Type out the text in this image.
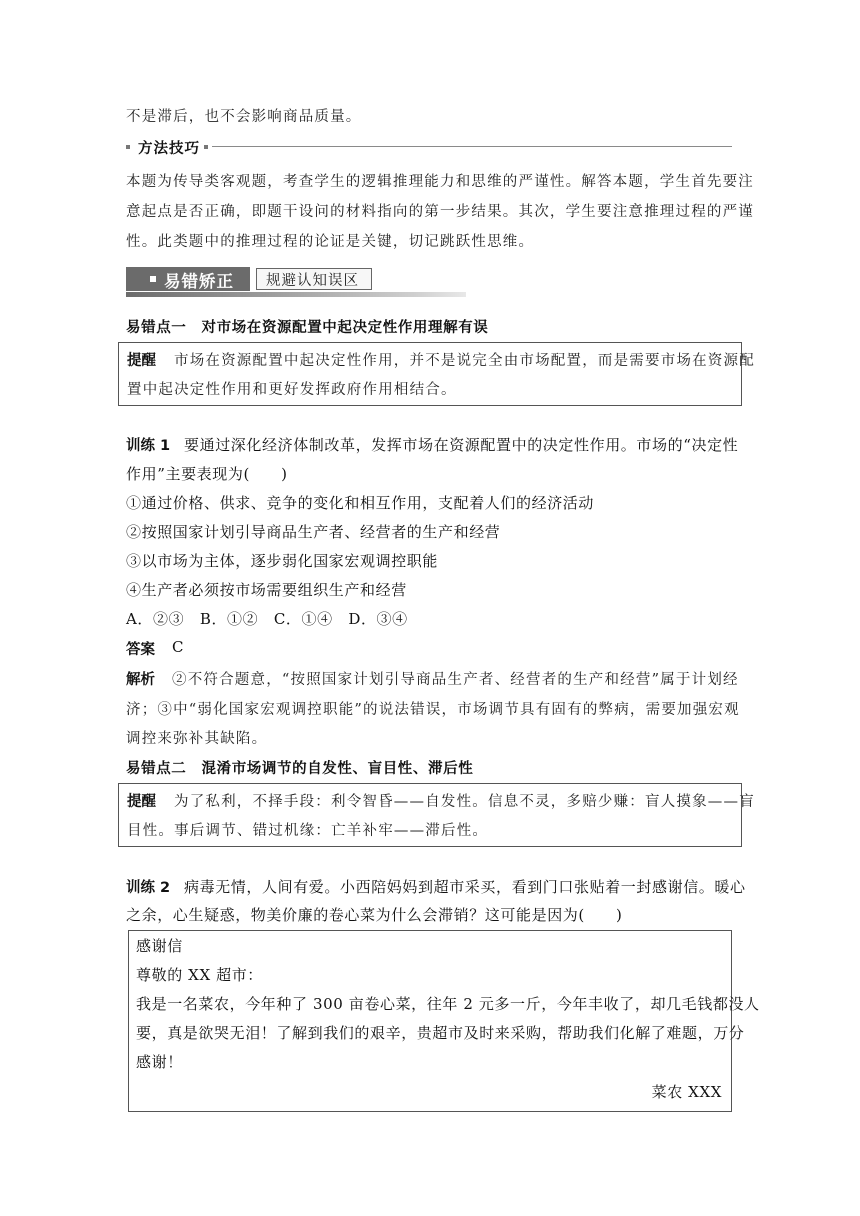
不是滞后，也不会影响商品质量。
方法技巧
本题为传导类客观题，考查学生的逻辑推理能力和思维的严谨性。解答本题，学生首先要注
意起点是否正确，即题干设问的材料指向的第一步结果。其次，学生要注意推理过程的严谨
性。此类题中的推理过程的论证是关键，切记跳跃性思维。
易错矫正 规避认知误区
易错点一　对市场在资源配置中起决定性作用理解有误
提醒 市场在资源配置中起决定性作用，并不是说完全由市场配置，而是需要市场在资源配
置中起决定性作用和更好发挥政府作用相结合。
训练 1 要通过深化经济体制改革，发挥市场在资源配置中的决定性作用。市场的“决定性
作用”主要表现为(　　)
①通过价格、供求、竞争的变化和相互作用，支配着人们的经济活动
②按照国家计划引导商品生产者、经营者的生产和经营
③以市场为主体，逐步弱化国家宏观调控职能
④生产者必须按市场需要组织生产和经营
A．②③　B．①②　C．①④　D．③④
答案 C
解析 ②不符合题意，“按照国家计划引导商品生产者、经营者的生产和经营”属于计划经
济；③中“弱化国家宏观调控职能”的说法错误，市场调节具有固有的弊病，需要加强宏观
调控来弥补其缺陷。
易错点二　混淆市场调节的自发性、盲目性、滞后性
提醒 为了私利，不择手段：利令智昏——自发性。信息不灵，多赔少赚：盲人摸象——盲
目性。事后调节、错过机缘：亡羊补牢——滞后性。
训练 2 病毒无情，人间有爱。小西陪妈妈到超市采买，看到门口张贴着一封感谢信。暖心
之余，心生疑惑，物美价廉的卷心菜为什么会滞销？这可能是因为(　　)
感谢信
尊敬的 XX 超市：
我是一名菜农，今年种了 300 亩卷心菜，往年 2 元多一斤，今年丰收了，却几毛钱都没人
要，真是欲哭无泪！了解到我们的艰辛，贵超市及时来采购，帮助我们化解了难题，万分
感谢！
菜农 XXX
